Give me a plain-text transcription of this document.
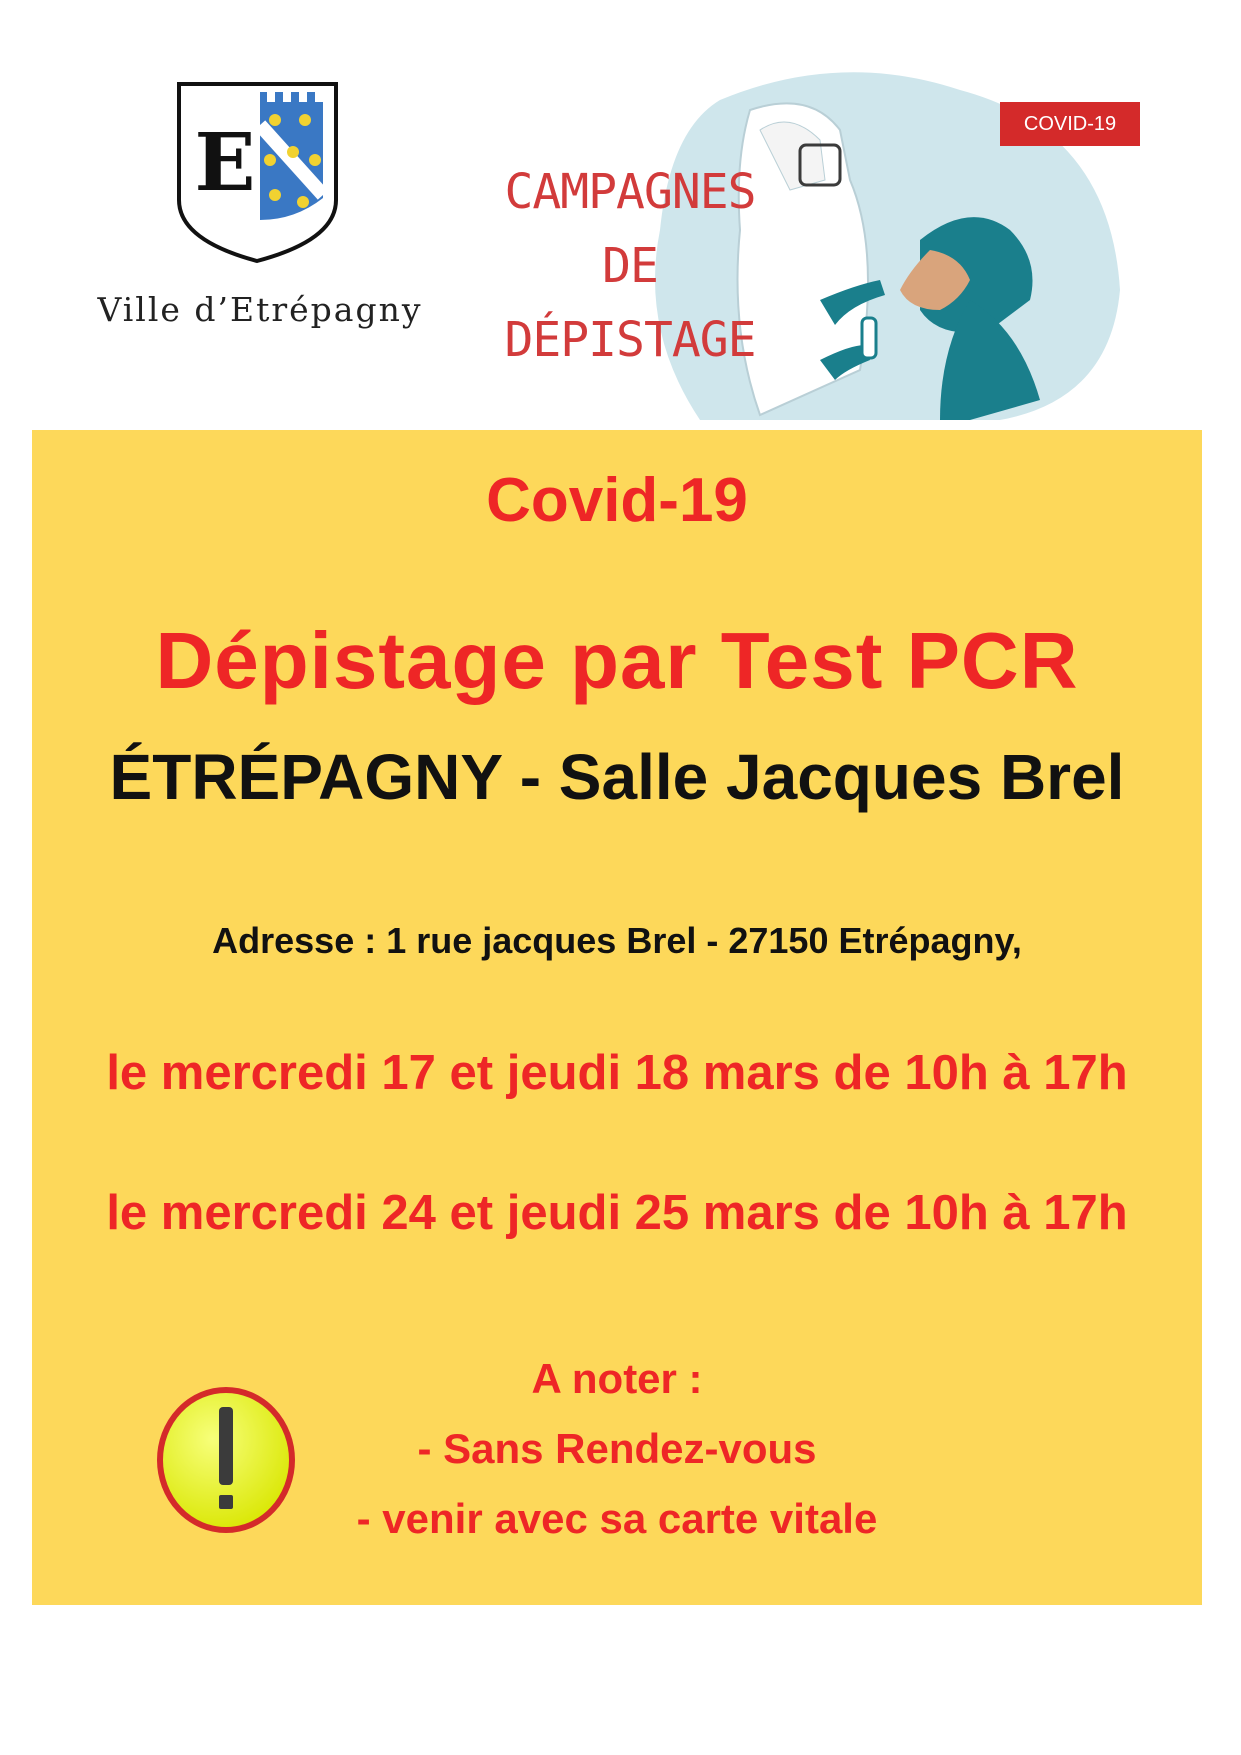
E
Ville d’Etrépagny
CAMPAGNES
DE
DÉPISTAGE
COVID-19
Covid-19
Dépistage par Test PCR
ÉTRÉPAGNY - Salle Jacques Brel
Adresse : 1 rue jacques Brel - 27150 Etrépagny,
le mercredi 17 et jeudi 18 mars de 10h à 17h
le mercredi 24 et jeudi 25 mars de 10h à 17h
A noter :
- Sans Rendez-vous
- venir avec sa carte vitale
